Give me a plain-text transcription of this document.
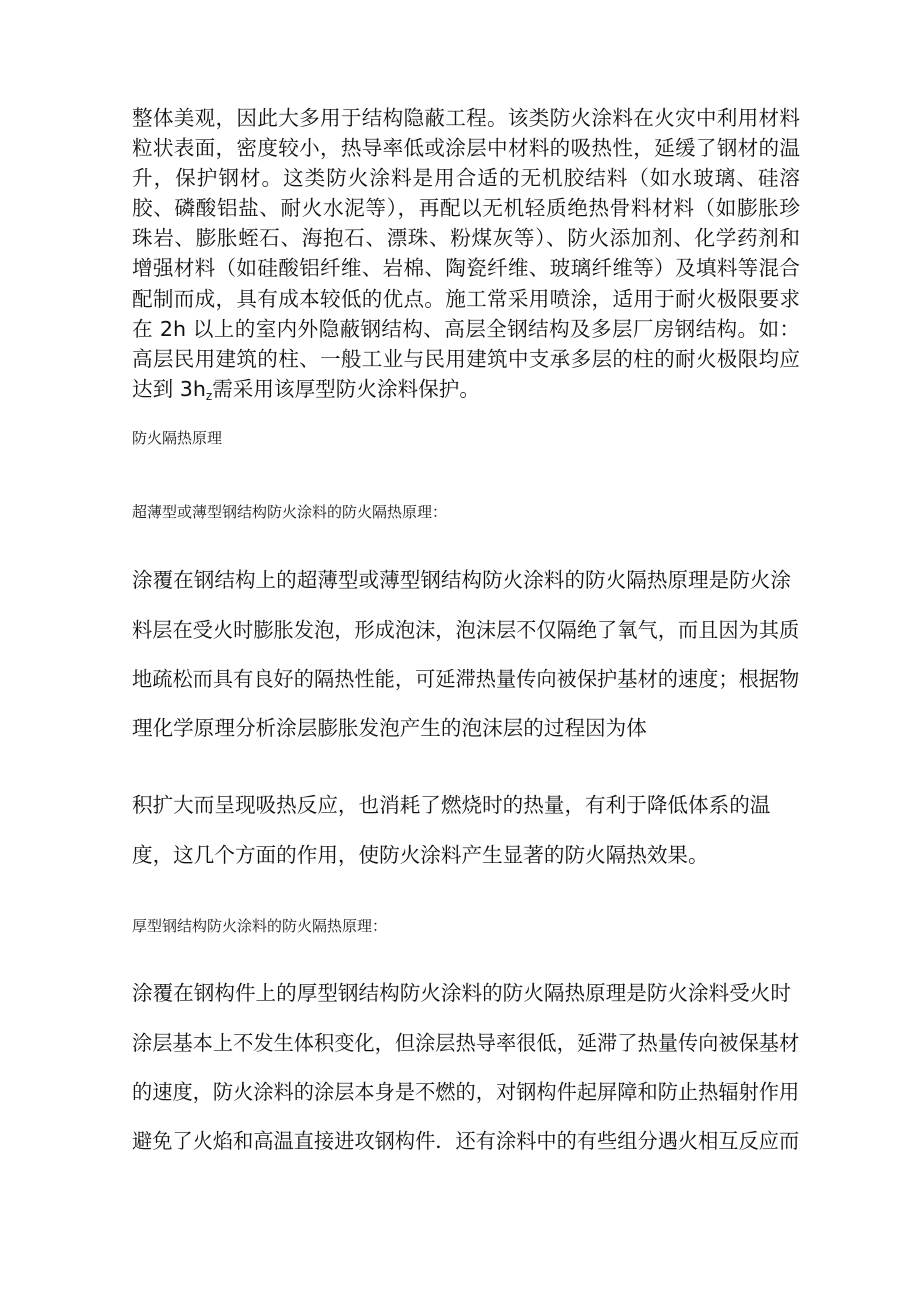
整体美观，因此大多用于结构隐蔽工程。该类防火涂料在火灾中利用材料粒状表面，密度较小，热导率低或涂层中材料的吸热性，延缓了钢材的温升，保护钢材。这类防火涂料是用合适的无机胶结料（如水玻璃、硅溶胶、磷酸铝盐、耐火水泥等），再配以无机轻质绝热骨料材料（如膨胀珍珠岩、膨胀蛭石、海抱石、漂珠、粉煤灰等）、防火添加剂、化学药剂和增强材料（如硅酸铝纤维、岩棉、陶瓷纤维、玻璃纤维等）及填料等混合配制而成，具有成本较低的优点。施工常采用喷涂，适用于耐火极限要求在 2h 以上的室内外隐蔽钢结构、高层全钢结构及多层厂房钢结构。如：高层民用建筑的柱、一般工业与民用建筑中支承多层的柱的耐火极限均应达到 $3h_z$需采用该厚型防火涂料保护。

防火隔热原理
超薄型或薄型钢结构防火涂料的防火隔热原理：

涂覆在钢结构上的超薄型或薄型钢结构防火涂料的防火隔热原理是防火涂

料层在受火时膨胀发泡，形成泡沫，泡沫层不仅隔绝了氧气，而且因为其质

地疏松而具有良好的隔热性能，可延滞热量传向被保护基材的速度；根据物

理化学原理分析涂层膨胀发泡产生的泡沫层的过程因为体

积扩大而呈现吸热反应，也消耗了燃烧时的热量，有利于降低体系的温

度，这几个方面的作用，使防火涂料产生显著的防火隔热效果。

厚型钢结构防火涂料的防火隔热原理：

涂覆在钢构件上的厚型钢结构防火涂料的防火隔热原理是防火涂料受火时

涂层基本上不发生体积变化，但涂层热导率很低，延滞了热量传向被保基材

的速度，防火涂料的涂层本身是不燃的，对钢构件起屏障和防止热辐射作用

避免了火焰和高温直接进攻钢构件．还有涂料中的有些组分遇火相互反应而
